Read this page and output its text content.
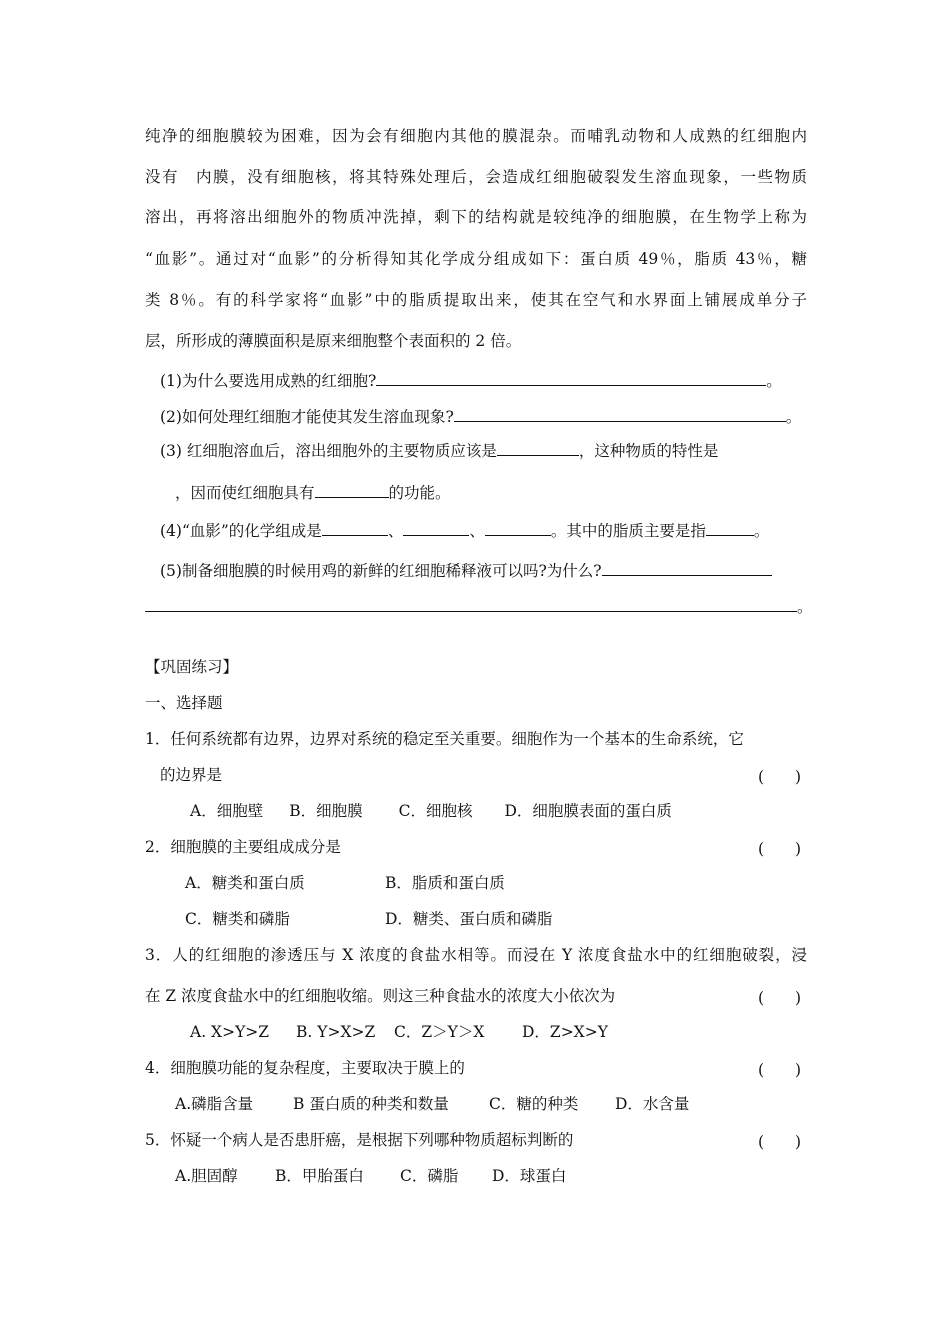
纯净的细胞膜较为困难，因为会有细胞内其他的膜混杂。而哺乳动物和人成熟的红细胞内
没有　内膜，没有细胞核，将其特殊处理后，会造成红细胞破裂发生溶血现象，一些物质
溶出，再将溶出细胞外的物质冲洗掉，剩下的结构就是较纯净的细胞膜，在生物学上称为
“血影”。通过对“血影”的分析得知其化学成分组成如下：蛋白质 49％，脂质 43％，糖
类 8％。有的科学家将“血影”中的脂质提取出来，使其在空气和水界面上铺展成单分子
层，所形成的薄膜面积是原来细胞整个表面积的 2 倍。
(1)为什么要选用成熟的红细胞?	。
(2)如何处理红细胞才能使其发生溶血现象?	。
(3) 红细胞溶血后，溶出细胞外的主要物质应该是	，这种物质的特性是
，因而使红细胞具有	的功能。
(4)“血影”的化学组成是	、	、	。其中的脂质主要是指	。
(5)制备细胞膜的时候用鸡的新鲜的红细胞稀释液可以吗?为什么?
。
【巩固练习】
一、选择题
1．任何系统都有边界，边界对系统的稳定至关重要。细胞作为一个基本的生命系统，它
的边界是	(　　)
A．细胞壁 B．细胞膜 C．细胞核 D．细胞膜表面的蛋白质
2．细胞膜的主要组成成分是	(　　)
A．糖类和蛋白质	B．脂质和蛋白质
C．糖类和磷脂	D．糖类、蛋白质和磷脂
3．人的红细胞的渗透压与 X 浓度的食盐水相等。而浸在 Y 浓度食盐水中的红细胞破裂，浸
在 Z 浓度食盐水中的红细胞收缩。则这三种食盐水的浓度大小依次为	(　　)
A. X>Y>Z B. Y>X>Z C．Z＞Y＞X D．Z>X>Y
4．细胞膜功能的复杂程度，主要取决于膜上的	(　　)
A.磷脂含量	B 蛋白质的种类和数量	C．糖的种类 D．水含量
5．怀疑一个病人是否患肝癌，是根据下列哪种物质超标判断的	(　　)
A.胆固醇 B．甲胎蛋白 C．磷脂 D．球蛋白
